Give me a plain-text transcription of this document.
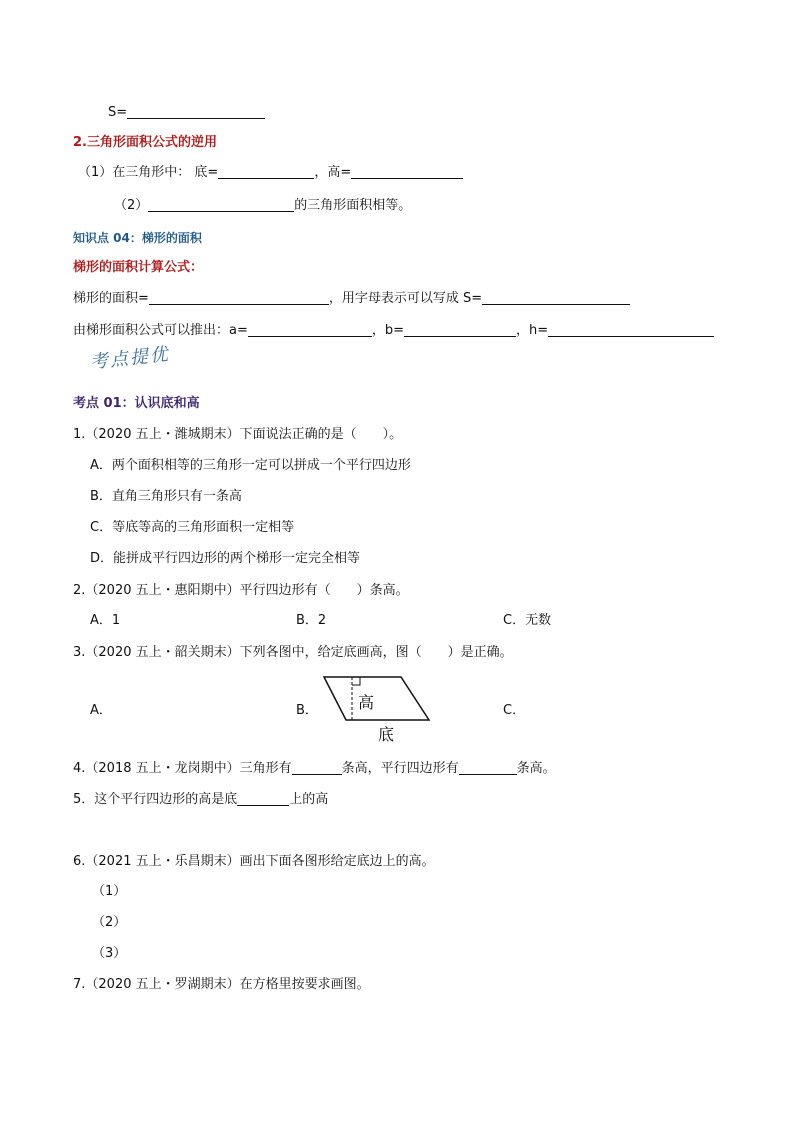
S=
2.三角形面积公式的逆用
（1）在三角形中： 底=	，高=
（2）	的三角形面积相等。
知识点 04：梯形的面积
梯形的面积计算公式：
梯形的面积=	，用字母表示可以写成 S=
由梯形面积公式可以推出：a=	，b=	，h=
考点提优
考点 01：认识底和高
1.（2020 五上・潍城期末）下面说法正确的是（　　）。
A．两个面积相等的三角形一定可以拼成一个平行四边形
B．直角三角形只有一条高
C．等底等高的三角形面积一定相等
D．能拼成平行四边形的两个梯形一定完全相等
2.（2020 五上・惠阳期中）平行四边形有（　　）条高。
A．1	B．2	C．无数
3.（2020 五上・韶关期末）下列各图中，给定底画高，图（　　）是正确。
A．	B．	C．
高
底
4.（2018 五上・龙岗期中）三角形有	条高，平行四边形有	条高。
5．这个平行四边形的高是底	上的高
6.（2021 五上・乐昌期末）画出下面各图形给定底边上的高。
（1）
（2）
（3）
7.（2020 五上・罗湖期末）在方格里按要求画图。
